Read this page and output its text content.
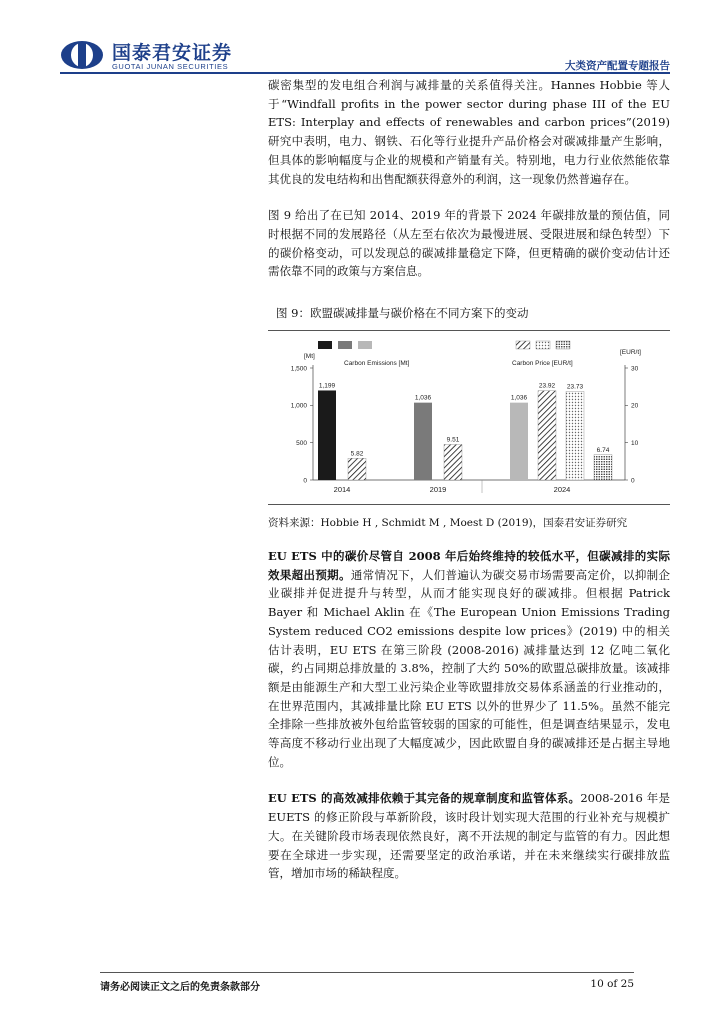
国泰君安证券
GUOTAI JUNAN SECURITIES	大类资产配置专题报告

碳密集型的发电组合利润与减排量的关系值得关注。Hannes Hobbie 等人于“Windfall profits in the power sector during phase III of the EU ETS: Interplay and effects of renewables and carbon prices”(2019) 研究中表明，电力、钢铁、石化等行业提升产品价格会对碳减排量产生影响，但具体的影响幅度与企业的规模和产销量有关。特别地，电力行业依然能依靠其优良的发电结构和出售配额获得意外的利润，这一现象仍然普遍存在。

图 9 给出了在已知 2014、2019 年的背景下 2024 年碳排放量的预估值，同时根据不同的发展路径（从左至右依次为最慢进展、受限进展和绿色转型）下的碳价格变动，可以发现总的碳减排量稳定下降，但更精确的碳价变动估计还需依靠不同的政策与方案信息。

图 9：欧盟碳减排量与碳价格在不同方案下的变动

资料来源：Hobbie H , Schmidt M , Moest D (2019)，国泰君安证券研究

EU ETS 中的碳价尽管自 2008 年后始终维持的较低水平，但碳减排的实际效果超出预期。通常情况下，人们普遍认为碳交易市场需要高定价，以抑制企业碳排并促进提升与转型，从而才能实现良好的碳减排。但根据 Patrick Bayer 和 Michael Aklin 在《The European Union Emissions Trading System reduced CO2 emissions despite low prices》(2019) 中的相关估计表明，EU ETS 在第三阶段 (2008-2016) 减排量达到 12 亿吨二氧化碳，约占同期总排放量的 3.8%，控制了大约 50%的欧盟总碳排放量。该减排额是由能源生产和大型工业污染企业等欧盟排放交易体系涵盖的行业推动的，在世界范围内，其减排量比除 EU ETS 以外的世界少了 11.5%。虽然不能完全排除一些排放被外包给监管较弱的国家的可能性，但是调查结果显示，发电等高度不移动行业出现了大幅度减少，因此欧盟自身的碳减排还是占据主导地位。

EU ETS 的高效减排依赖于其完备的规章制度和监管体系。2008-2016 年是 EUETS 的修正阶段与革新阶段，该时段计划实现大范围的行业补充与规模扩大。在关键阶段市场表现依然良好，离不开法规的制定与监管的有力。因此想要在全球进一步实现，还需要坚定的政治承诺，并在未来继续实行碳排放监管，增加市场的稀缺程度。

[Mt]
[EUR/t]
0
500
1,000
1,500
0
10
20
30
Carbon Emissions [Mt]	Carbon Price [EUR/t]
1,199
1,036	1,036
5.82
9.51
23.92 23.73
6.74
2014	2019	2024
请务必阅读正文之后的免责条款部分	10 of 25
